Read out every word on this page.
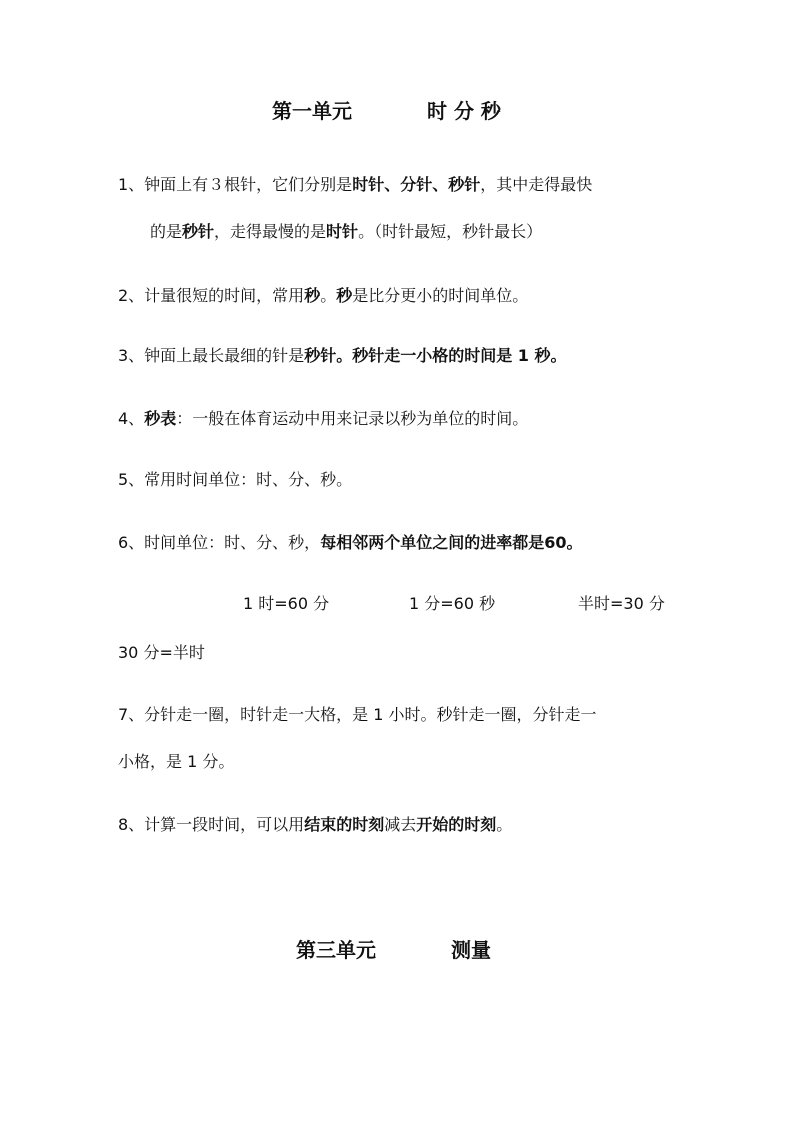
第一单元	时 分 秒
1、钟面上有３根针，它们分别是时针、分针、秒针，其中走得最快
的是秒针，走得最慢的是时针。（时针最短，秒针最长）
2、计量很短的时间，常用秒。秒是比分更小的时间单位。
3、钟面上最长最细的针是秒针。秒针走一小格的时间是 1 秒。
4、秒表：一般在体育运动中用来记录以秒为单位的时间。
5、常用时间单位：时、分、秒。
6、时间单位：时、分、秒，每相邻两个单位之间的进率都是60。
1 时=60 分	1 分=60 秒	半时=30 分
30 分=半时
7、分针走一圈，时针走一大格，是 1 小时。秒针走一圈，分针走一
小格，是 1 分。
8、计算一段时间，可以用结束的时刻减去开始的时刻。
第三单元	测量
